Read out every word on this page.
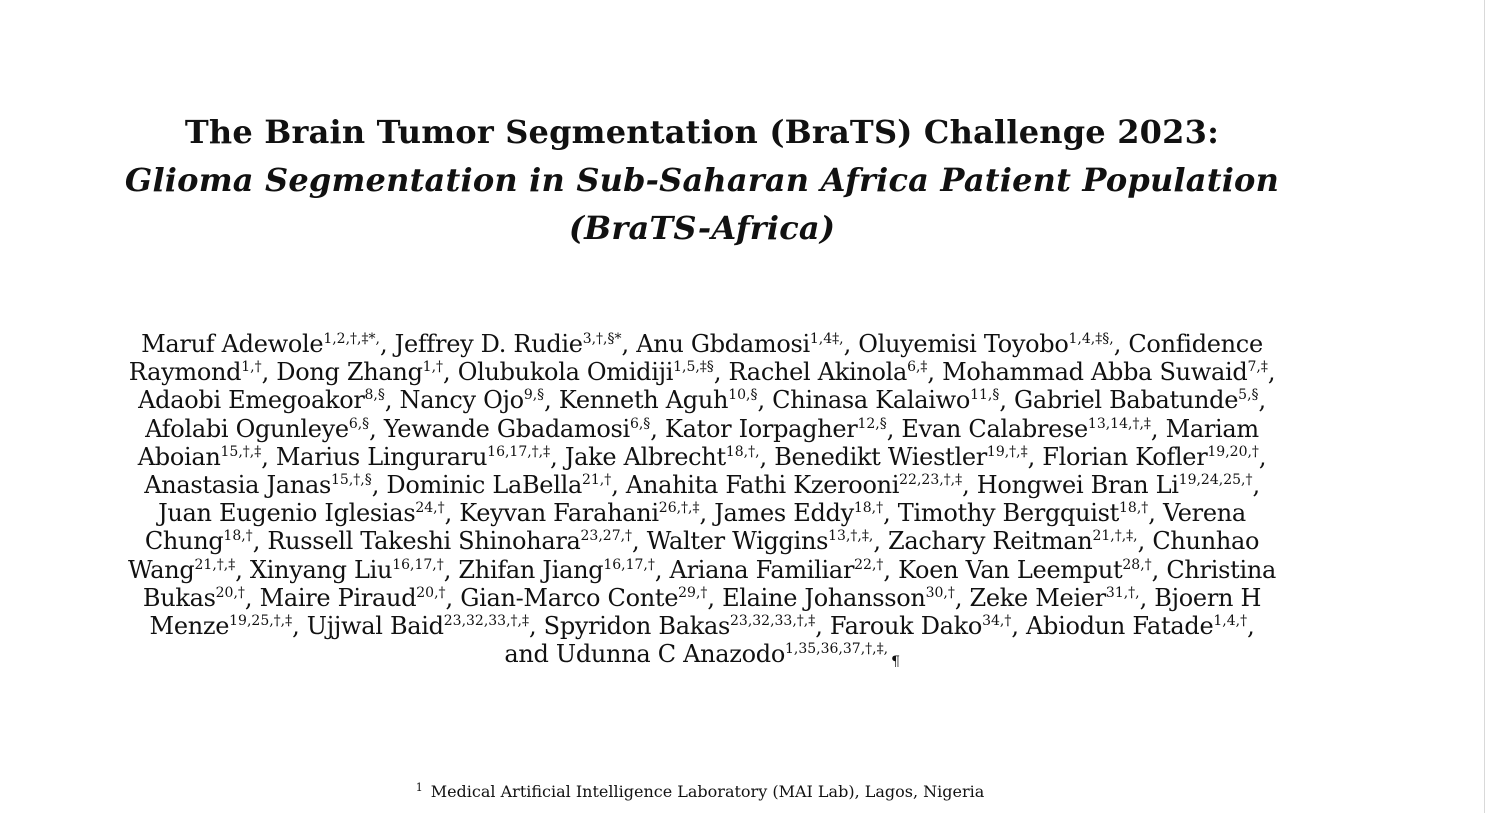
The Brain Tumor Segmentation (BraTS) Challenge 2023:
Glioma Segmentation in Sub-Saharan Africa Patient Population (BraTS-Africa)
Maruf Adewole$^{1,2,\dagger,\ddagger*,}$, Jeffrey D. Rudie$^{3,\dagger,\S*}$, Anu Gbdamosi$^{1,4\ddagger,}$, Oluyemisi Toyobo$^{1,4,\ddagger\S,}$, Confidence Raymond$^{1,\dagger}$, Dong Zhang$^{1,\dagger}$, Olubukola Omidiji$^{1,5,\ddagger\S}$, Rachel Akinola$^{6,\ddagger}$, Mohammad Abba Suwaid$^{7,\ddagger}$, Adaobi Emegoakor$^{8,\S}$, Nancy Ojo$^{9,\S}$, Kenneth Aguh$^{10,\S}$, Chinasa Kalaiwo$^{11,\S}$, Gabriel Babatunde$^{5,\S}$, Afolabi Ogunleye$^{6,\S}$, Yewande Gbadamosi$^{6,\S}$, Kator Iorpagher$^{12,\S}$, Evan Calabrese$^{13,14,\dagger,\ddagger}$, Mariam Aboian$^{15,\dagger,\ddagger}$, Marius Linguraru$^{16,17,\dagger,\ddagger}$, Jake Albrecht$^{18,\dagger,}$, Benedikt Wiestler$^{19,\dagger,\ddagger}$, Florian Kofler$^{19,20,\dagger}$, Anastasia Janas$^{15,\dagger,\S}$, Dominic LaBella$^{21,\dagger}$, Anahita Fathi Kzerooni$^{22,23,\dagger,\ddagger}$, Hongwei Bran $Li^{19,24,25,\dagger}$, Juan Eugenio Iglesias$^{24,\dagger}$, Keyvan Farahani$^{26,\dagger,\ddagger}$, James Eddy$^{18,\dagger}$, Timothy Bergquist$^{18,\dagger}$, Verena Chung$^{18,\dagger}$, Russell Takeshi Shinohara$^{23,27,\dagger}$, Walter Wiggins$^{13,\dagger,\ddagger,}$, Zachary Reitman$^{21,\dagger,\ddagger,}$, Chunhao Wang$^{21,\dagger,\ddagger}$, Xinyang Liu$^{16,17,\dagger}$, Zhifan Jiang$^{16,17,\dagger}$, Ariana Familiar$^{22,\dagger}$, Koen Van Leemput$^{28,\dagger}$, Christina Bukas$^{20,\dagger}$, Maire Piraud$^{20,\dagger}$, Gian-Marco Conte$^{29,\dagger}$, Elaine Johansson$^{30,\dagger}$, Zeke Meier$^{31,\dagger,}$, Bjoern H Menze$^{19,25,\dagger,\ddagger}$, Ujjwal Baid$^{23,32,33,\dagger,\ddagger}$, Spyridon Bakas$^{23,32,33,\dagger,\ddagger}$, Farouk Dako$^{34,\dagger}$, Abiodun Fatade$^{1,4,\dagger}$, and Udunna C Anazodo$^{1,35,36,37,\dagger,\ddagger,}$¶
$^1$ Medical Artificial Intelligence Laboratory (MAI Lab), Lagos, Nigeria
